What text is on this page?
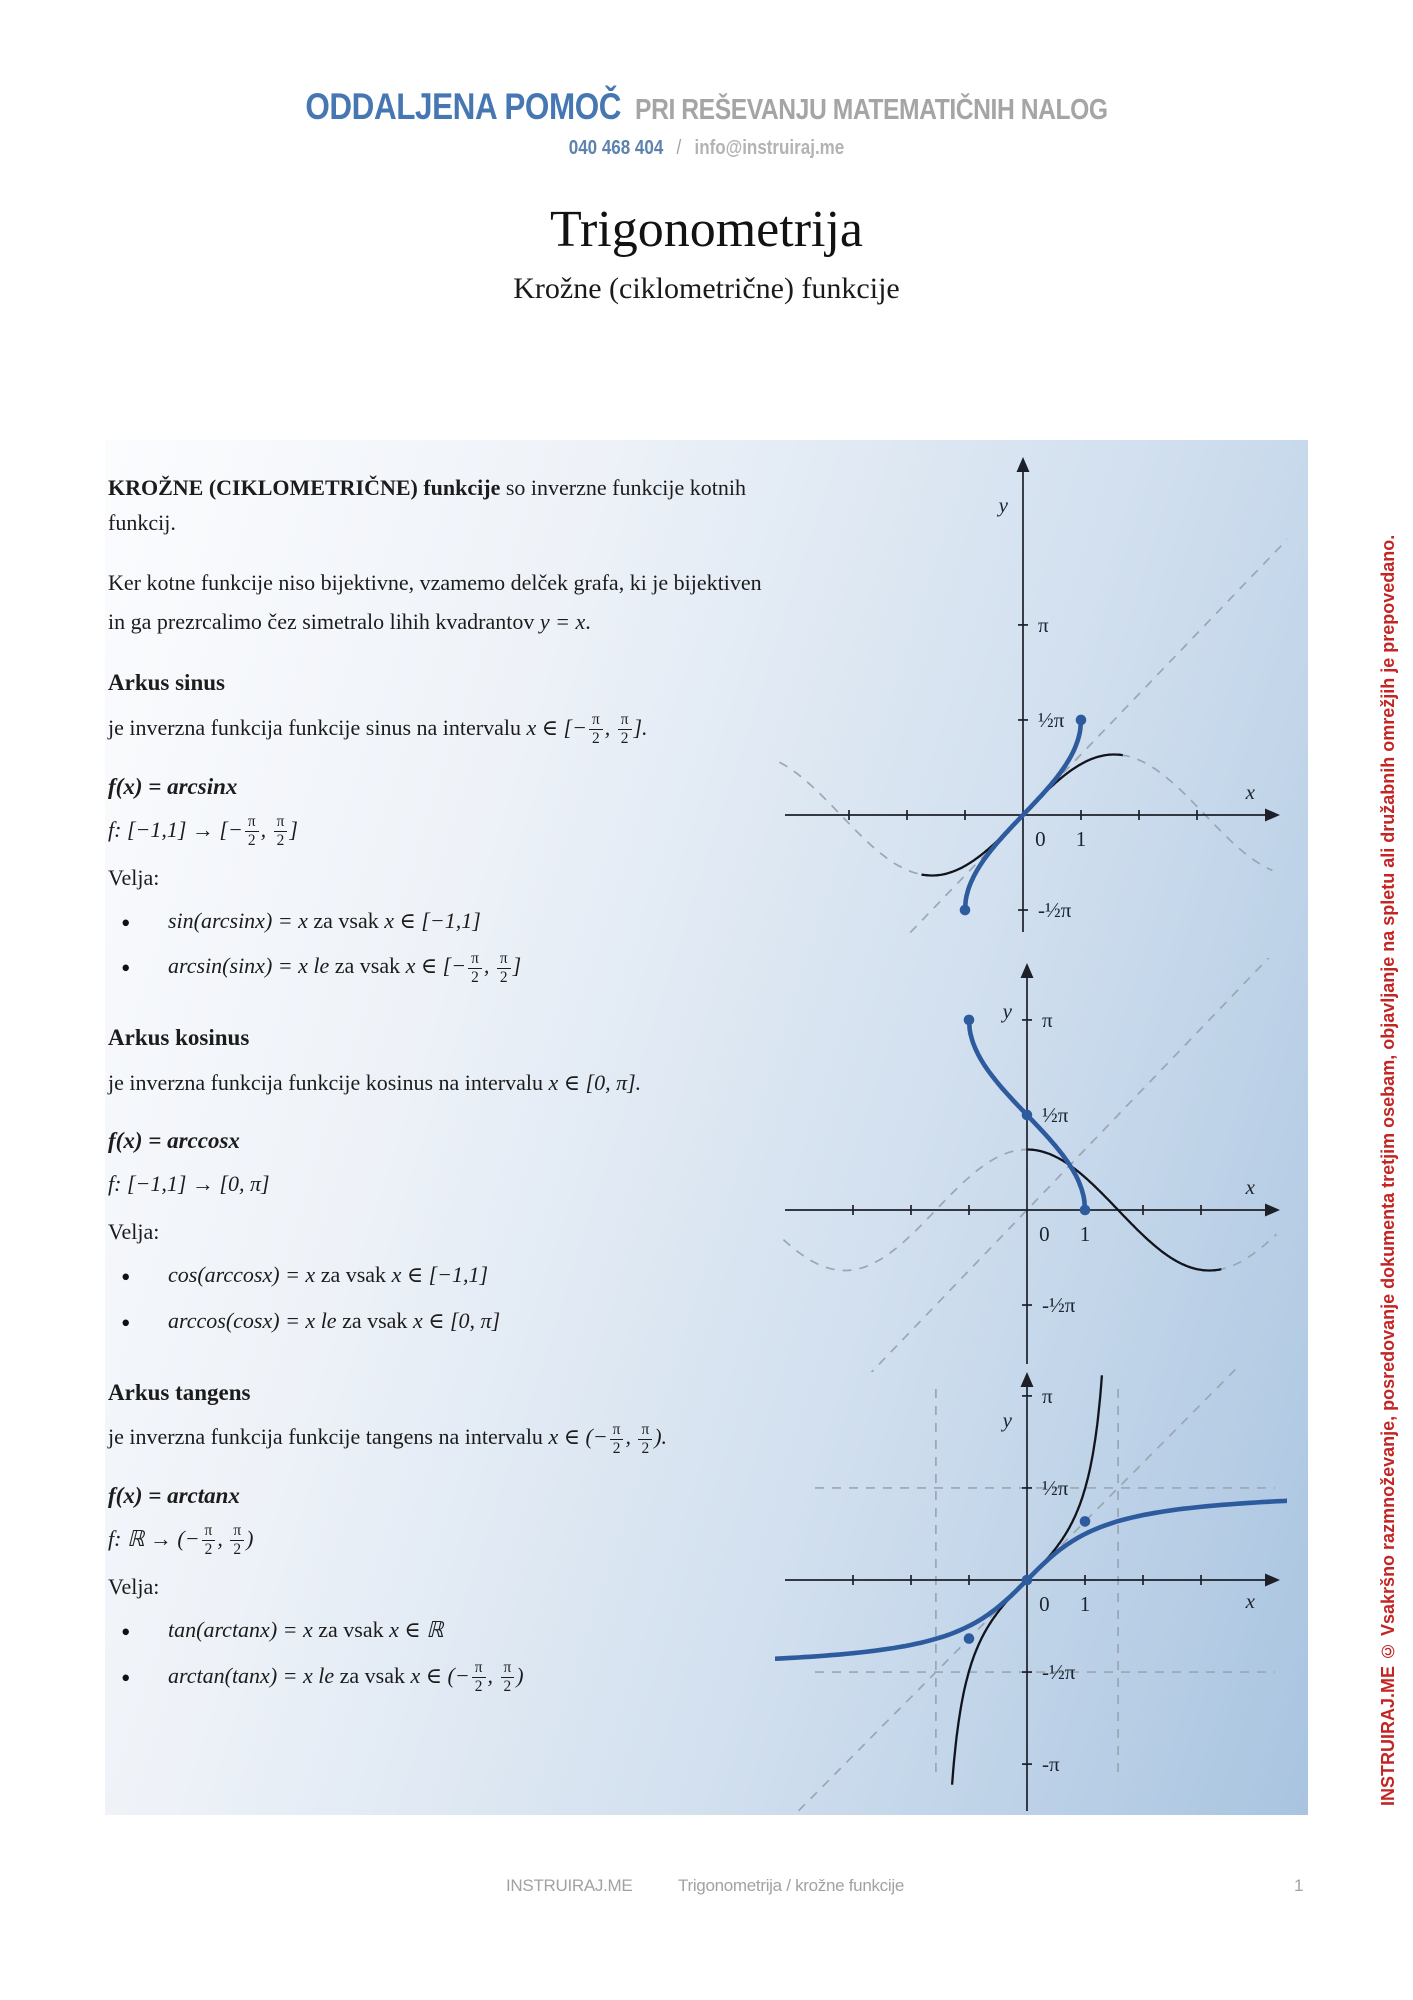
ODDALJENA POMOČ PRI REŠEVANJU MATEMATIČNIH NALOG
040 468 404 / info@instruiraj.me
Trigonometrija
Krožne (ciklometrične) funkcije

KROŽNE (CIKLOMETRIČNE) funkcije so inverzne funkcije kotnih funkcij.

Ker kotne funkcije niso bijektivne, vzamemo delček grafa, ki je bijektiven
in ga prezrcalimo čez simetralo lihih kvadrantov y = x.

Arkus sinus

je inverzna funkcija funkcije sinus na intervalu x ∈ [− $\frac{\pi}{2}$ , $\frac{\pi}{2}$ ].

f(x) = arcsinx

f: [−1,1] → [− $\frac{\pi}{2}$ , $\frac{\pi}{2}$ ]

Velja:

• sin(arcsinx) = x za vsak x ∈ [−1,1]
• arcsin(sinx) = x le za vsak x ∈ [− $\frac{\pi}{2}$ , $\frac{\pi}{2}$ ]
Arkus kosinus

je inverzna funkcija funkcije kosinus na intervalu x ∈ [0, π].

f(x) = arccosx

f: [−1,1] → [0, π]

Velja:

• cos(arccosx) = x za vsak x ∈ [−1,1]
• arccos(cosx) = x le za vsak x ∈ [0, π]
Arkus tangens

je inverzna funkcija funkcije tangens na intervalu x ∈ (− $\frac{\pi}{2}$ , $\frac{\pi}{2}$ ).

f(x) = arctanx

f: ℝ → (− $\frac{\pi}{2}$ , $\frac{\pi}{2}$ )

Velja:

• tan(arctanx) = x za vsak x ∈ ℝ
• arctan(tanx) = x le za vsak x ∈ (− $\frac{\pi}{2}$ , $\frac{\pi}{2}$ )
π
½π
-½π
0 1
y
x
π
½π
-½π
0 1
y
x
π
½π
-½π
-π
0 1
y
x	INSTRUIRAJ.ME © Vsakršno razmnoževanje, posredovanje dokumenta tretjim osebam, objavljanje na spletu ali družabnih omrežjih je prepovedano.
INSTRUIRAJ.ME	Trigonometrija / krožne funkcije	1
